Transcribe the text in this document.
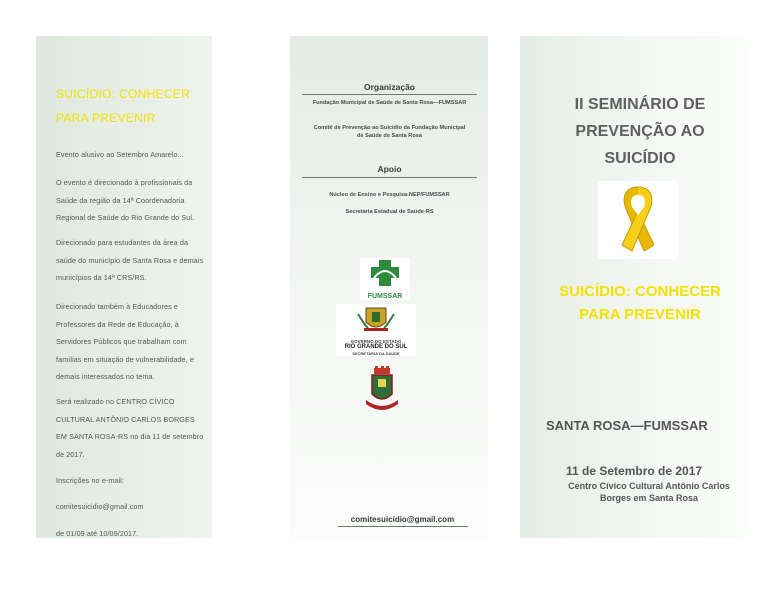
SUICÍDIO: CONHECER PARA PREVENIR
Evento alusivo ao Setembro Amarelo...
O evento é direcionado à profissionais da Saúde da região da 14ª Coordenadoria Regional de Saúde do Rio Grande do Sul.
Direcionado para estudantes da área da saúde do município de Santa Rosa e demais municípios da 14ª CRS/RS.
Direcionado também à Educadores e Professores da Rede de Educação, à Servidores Públicos que trabalham com famílias em situação de vulnerabilidade, e demais interessados no tema.
Será realizado no CENTRO CÍVICO CULTURAL ANTÔNIO CARLOS BORGES EM SANTA ROSA-RS no dia 11 de setembro de 2017.
Inscrições no e-mail:
comitesuicidio@gmail.com
de 01/09 até 10/09/2017.
Organização
Fundação Municipal de Saúde de Santa Rosa—FUMSSAR
Comitê de Prevenção ao Suicídio da Fundação Municipal de Saúde de Santa Rosa
Apoio
Núcleo de Ensino e Pesquisa-NEP/FUMSSAR
Secretaria Estadual de Saúde-RS
FUMSSAR
GOVERNO DO ESTADO
RIO GRANDE DO SUL
SECRETARIA DA SAÚDE
comitesuicidio@gmail.com
II SEMINÁRIO DE PREVENÇÃO AO SUICÍDIO
SUICÍDIO: CONHECER PARA PREVENIR
SANTA ROSA—FUMSSAR
11 de Setembro de 2017
Centro Cívico Cultural Antônio Carlos Borges em Santa Rosa
